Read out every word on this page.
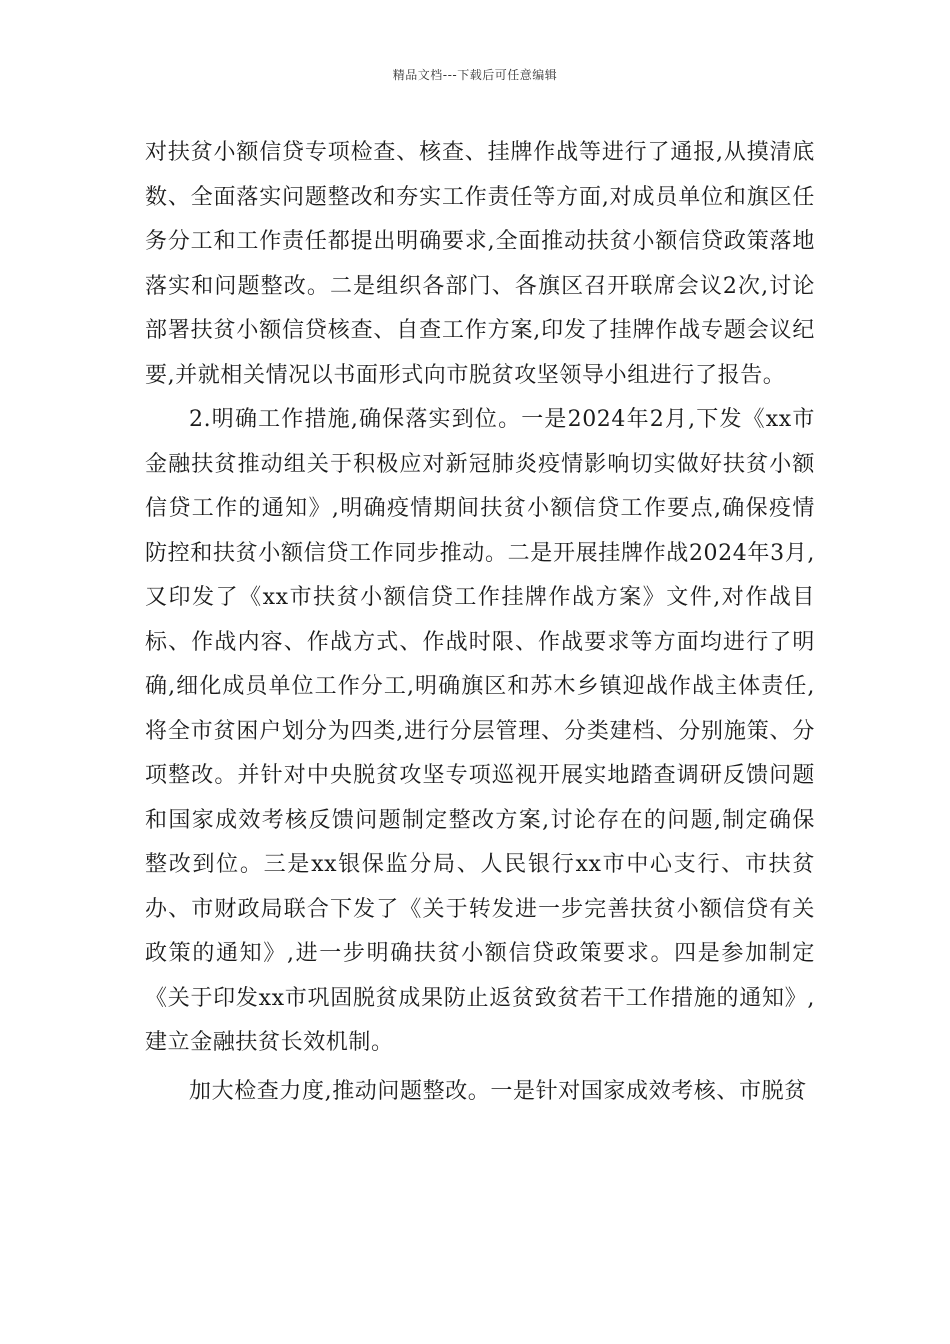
精品文档---下载后可任意编辑

对扶贫小额信贷专项检查、核查、挂牌作战等进行了通报,从摸清底数、全面落实问题整改和夯实工作责任等方面,对成员单位和旗区任务分工和工作责任都提出明确要求,全面推动扶贫小额信贷政策落地落实和问题整改。二是组织各部门、各旗区召开联席会议2次,讨论部署扶贫小额信贷核查、自查工作方案,印发了挂牌作战专题会议纪要,并就相关情况以书面形式向市脱贫攻坚领导小组进行了报告。

2.明确工作措施,确保落实到位。一是2024年2月,下发《xx市金融扶贫推动组关于积极应对新冠肺炎疫情影响切实做好扶贫小额信贷工作的通知》,明确疫情期间扶贫小额信贷工作要点,确保疫情防控和扶贫小额信贷工作同步推动。二是开展挂牌作战2024年3月,又印发了《xx市扶贫小额信贷工作挂牌作战方案》文件,对作战目标、作战内容、作战方式、作战时限、作战要求等方面均进行了明确,细化成员单位工作分工,明确旗区和苏木乡镇迎战作战主体责任,将全市贫困户划分为四类,进行分层管理、分类建档、分别施策、分项整改。并针对中央脱贫攻坚专项巡视开展实地踏查调研反馈问题和国家成效考核反馈问题制定整改方案,讨论存在的问题,制定确保整改到位。三是xx银保监分局、人民银行xx市中心支行、市扶贫办、市财政局联合下发了《关于转发进一步完善扶贫小额信贷有关政策的通知》,进一步明确扶贫小额信贷政策要求。四是参加制定《关于印发xx市巩固脱贫成果防止返贫致贫若干工作措施的通知》,建立金融扶贫长效机制。

加大检查力度,推动问题整改。一是针对国家成效考核、市脱贫
